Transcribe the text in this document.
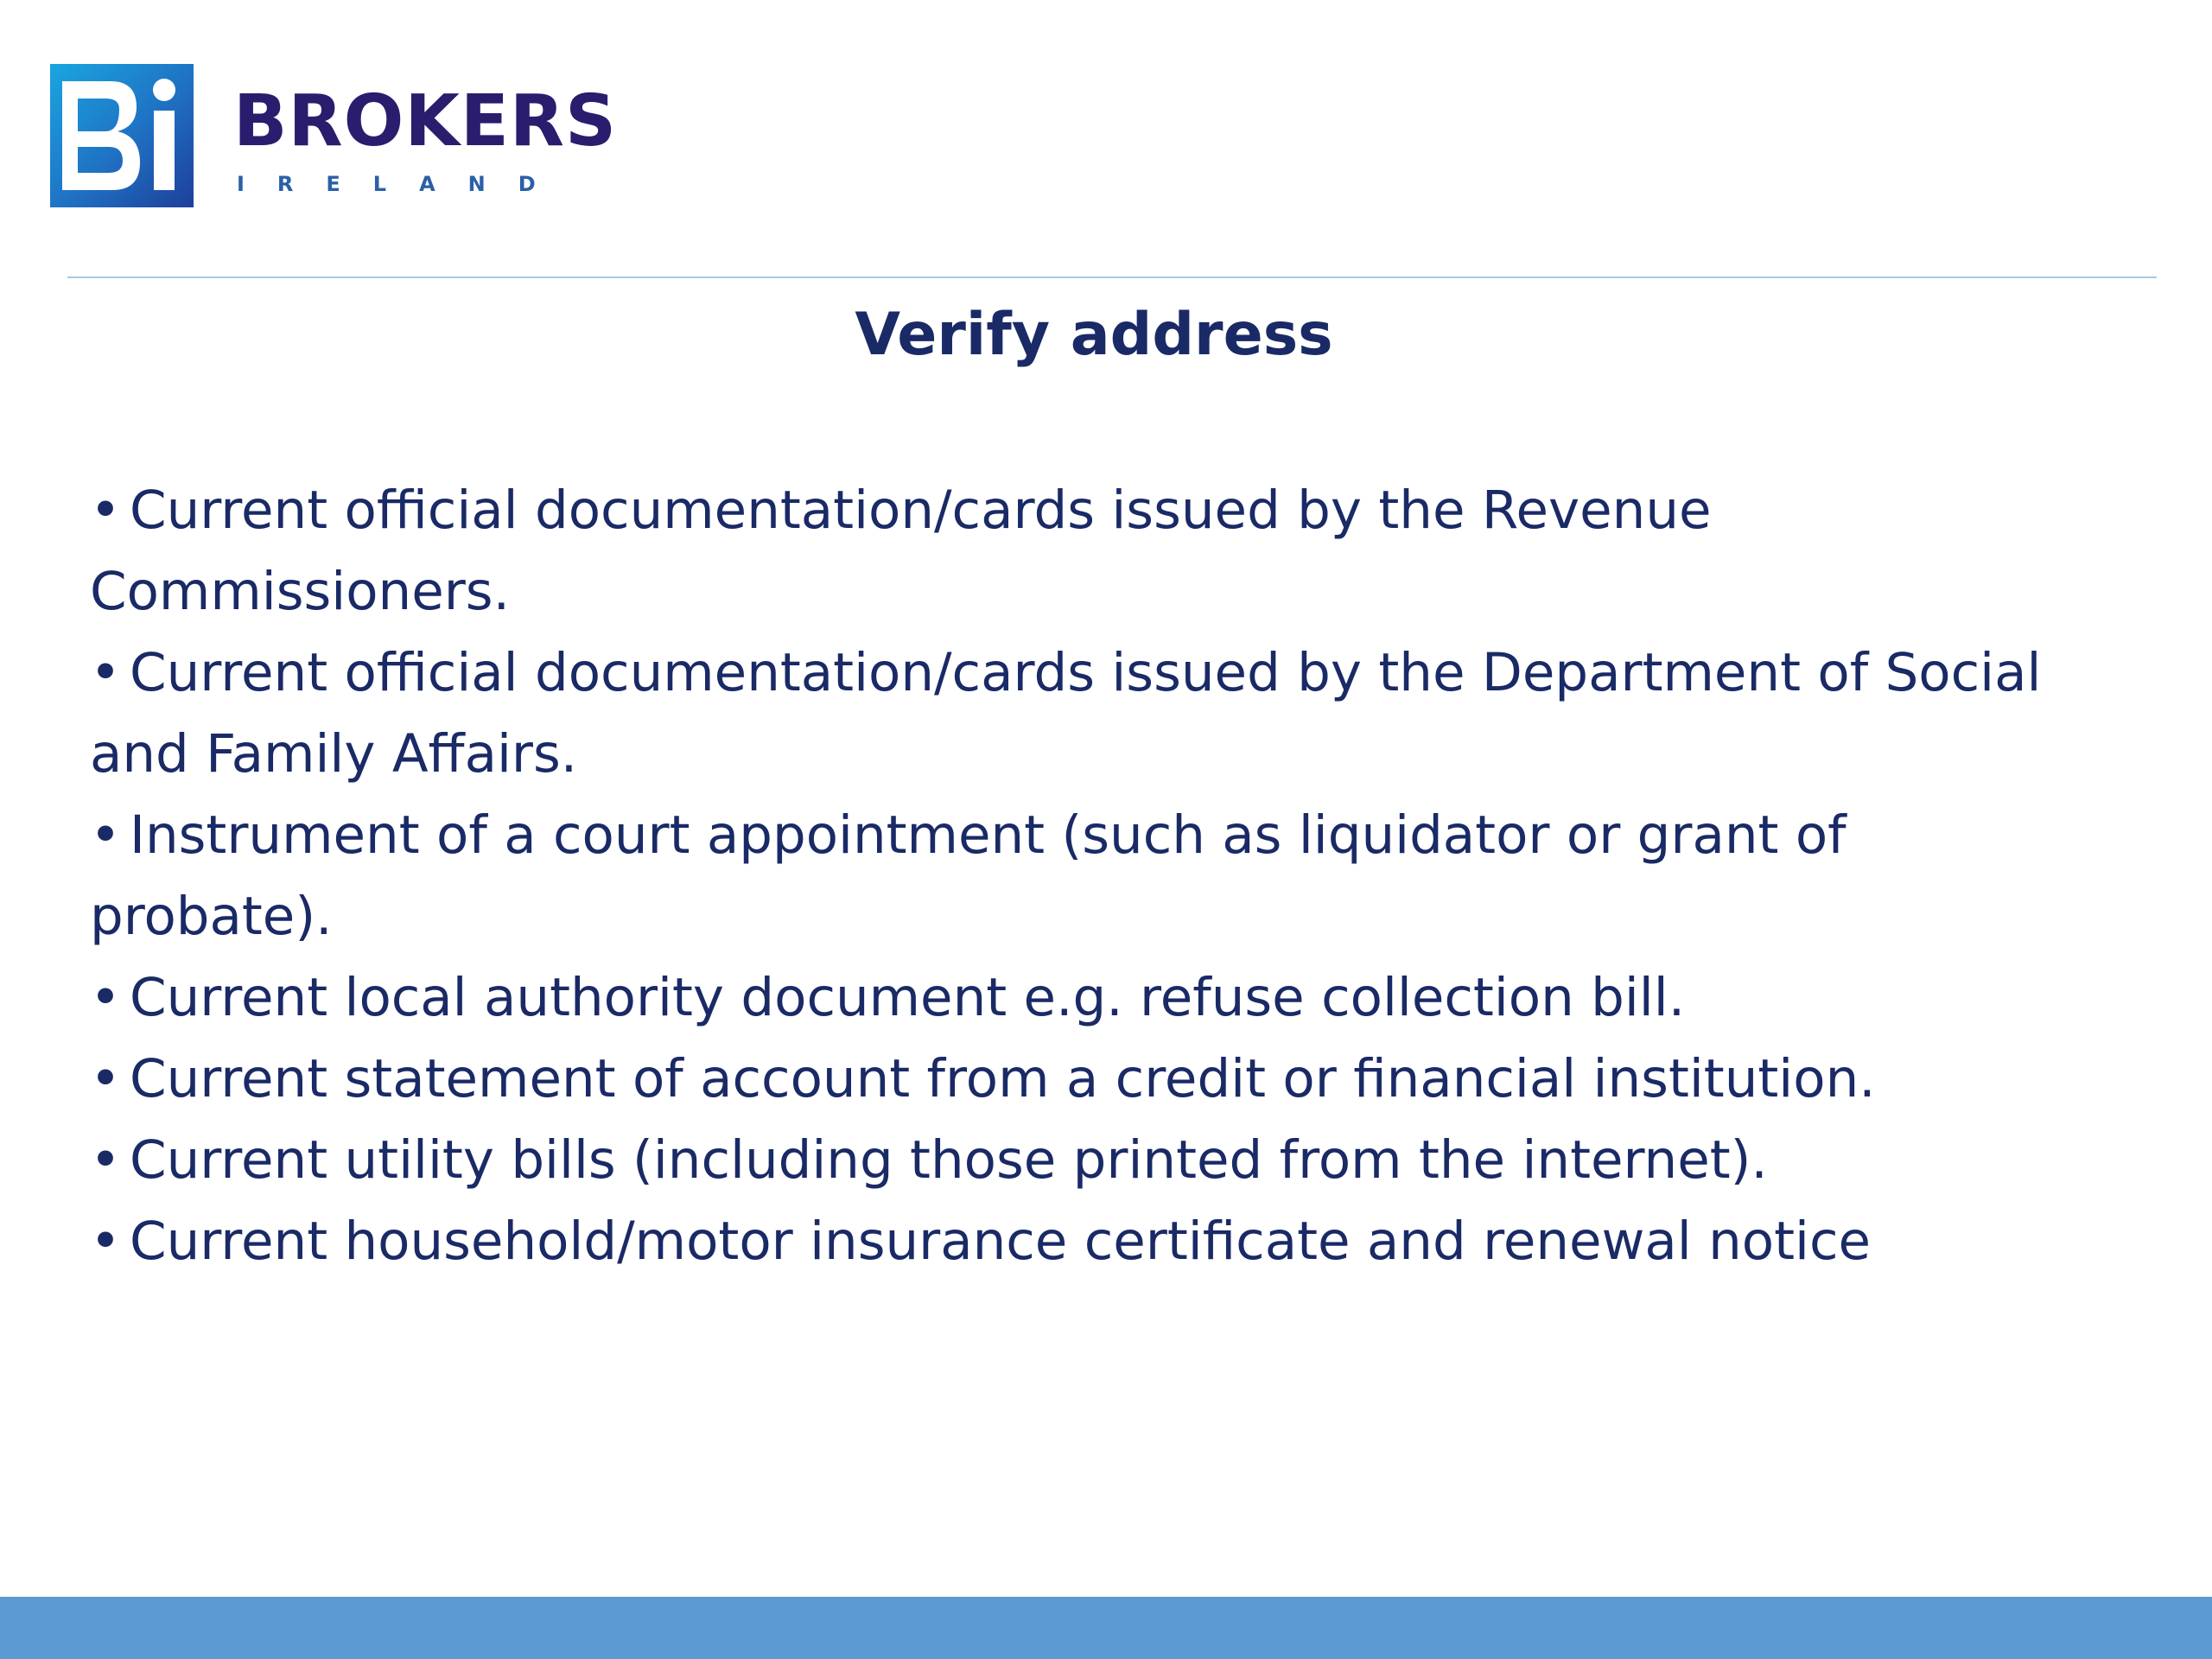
BROKERS
IRELAND
Verify address
• Current official documentation/cards issued by the Revenue Commissioners.
• Current official documentation/cards issued by the Department of Social and Family Affairs.
• Instrument of a court appointment (such as liquidator or grant of probate).
• Current local authority document e.g. refuse collection bill.
• Current statement of account from a credit or financial institution.
• Current utility bills (including those printed from the internet).
• Current household/motor insurance certificate and renewal notice
